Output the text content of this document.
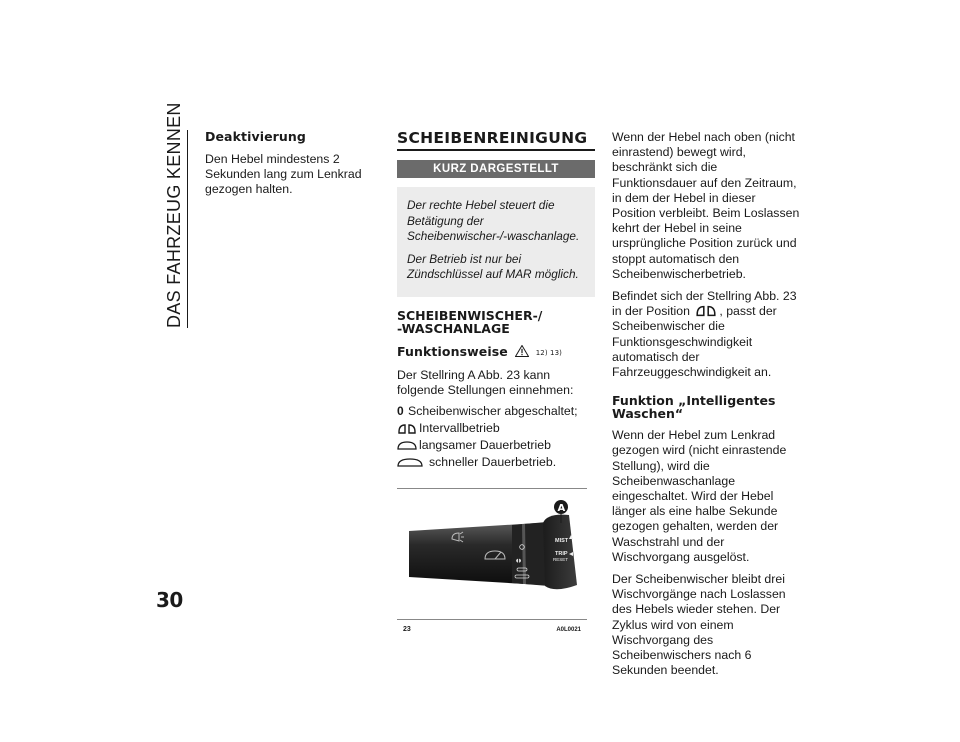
DAS FAHRZEUG KENNEN
30
Deaktivierung

Den Hebel mindestens 2 Sekunden lang zum Lenkrad gezogen halten.

SCHEIBENREINIGUNG
KURZ DARGESTELLT

Der rechte Hebel steuert die Betätigung der Scheibenwischer-/-waschanlage.

Der Betrieb ist nur bei Zündschlüssel auf MAR möglich.

SCHEIBENWISCHER-/
-WASCHANLAGE
Funktionsweise	12) 13)

Der Stellring A Abb. 23 kann folgende Stellungen einnehmen:

0 Scheibenwischer abgeschaltet;
Intervallbetrieb
langsamer Dauerbetrieb
schneller Dauerbetrieb.
◖◗
MIST
TRIP
RESET
A
23	A0L0021

Wenn der Hebel nach oben (nicht einrastend) bewegt wird, beschränkt sich die Funktionsdauer auf den Zeitraum, in dem der Hebel in dieser Position verbleibt. Beim Loslassen kehrt der Hebel in seine ursprüngliche Position zurück und stoppt automatisch den Scheibenwischerbetrieb.

Befindet sich der Stellring Abb. 23 in der Position , passt der Scheibenwischer die Funktionsgeschwindigkeit automatisch der Fahrzeuggeschwindigkeit an.

Funktion „Intelligentes Waschen“

Wenn der Hebel zum Lenkrad gezogen wird (nicht einrastende Stellung), wird die Scheibenwaschanlage eingeschaltet. Wird der Hebel länger als eine halbe Sekunde gezogen gehalten, werden der Waschstrahl und der Wischvorgang ausgelöst.

Der Scheibenwischer bleibt drei Wischvorgänge nach Loslassen des Hebels wieder stehen. Der Zyklus wird von einem Wischvorgang des Scheibenwischers nach 6 Sekunden beendet.
